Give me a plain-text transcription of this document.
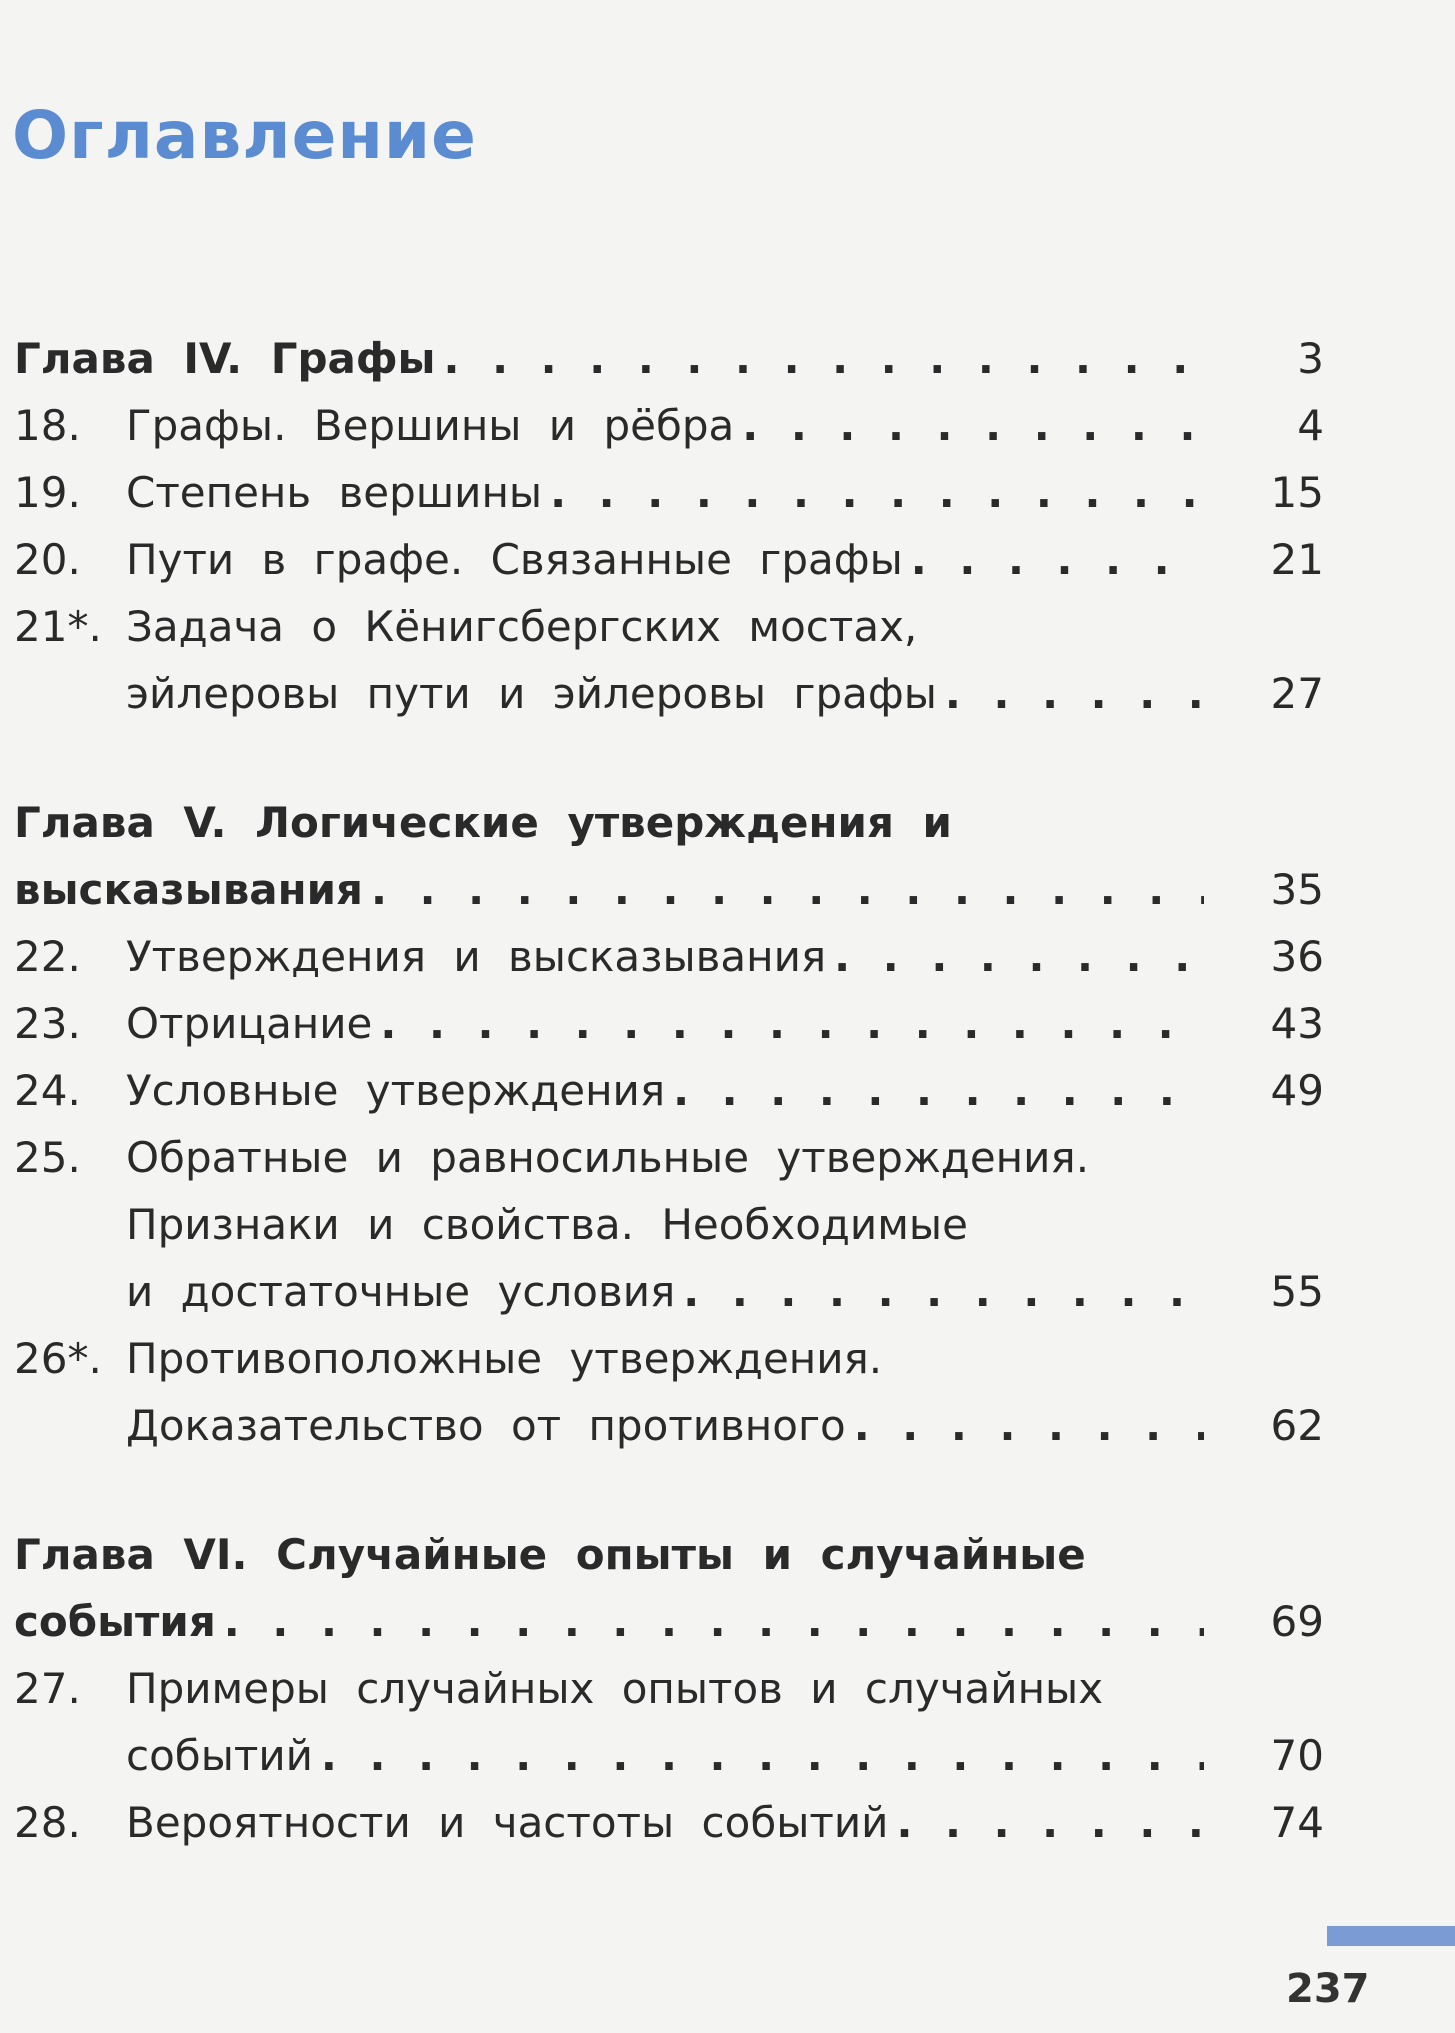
Оглавление
Глава IV. Графы . . .	3
18.	Графы. Вершины и рёбра . . .	4
19.	Степень вершины . . .	15
20.	Пути в графе. Связанные графы . . .	21
21*. Задача о Кёнигсбергских мостах,
эйлеровы пути и эйлеровы графы . . .	27
Глава V. Логические утверждения и
высказывания . . .	35
22.	Утверждения и высказывания . . .	36
23.	Отрицание . . .	43
24.	Условные утверждения . . .	49
25.	Обратные и равносильные утверждения.
Признаки и свойства. Необходимые
и достаточные условия . . .	55
26*. Противоположные утверждения.
Доказательство от противного . . .	62
Глава VI. Случайные опыты и случайные
события . . .	69
27.	Примеры случайных опытов и случайных
событий . . .	70
28.	Вероятности и частоты событий . . .	74
237
